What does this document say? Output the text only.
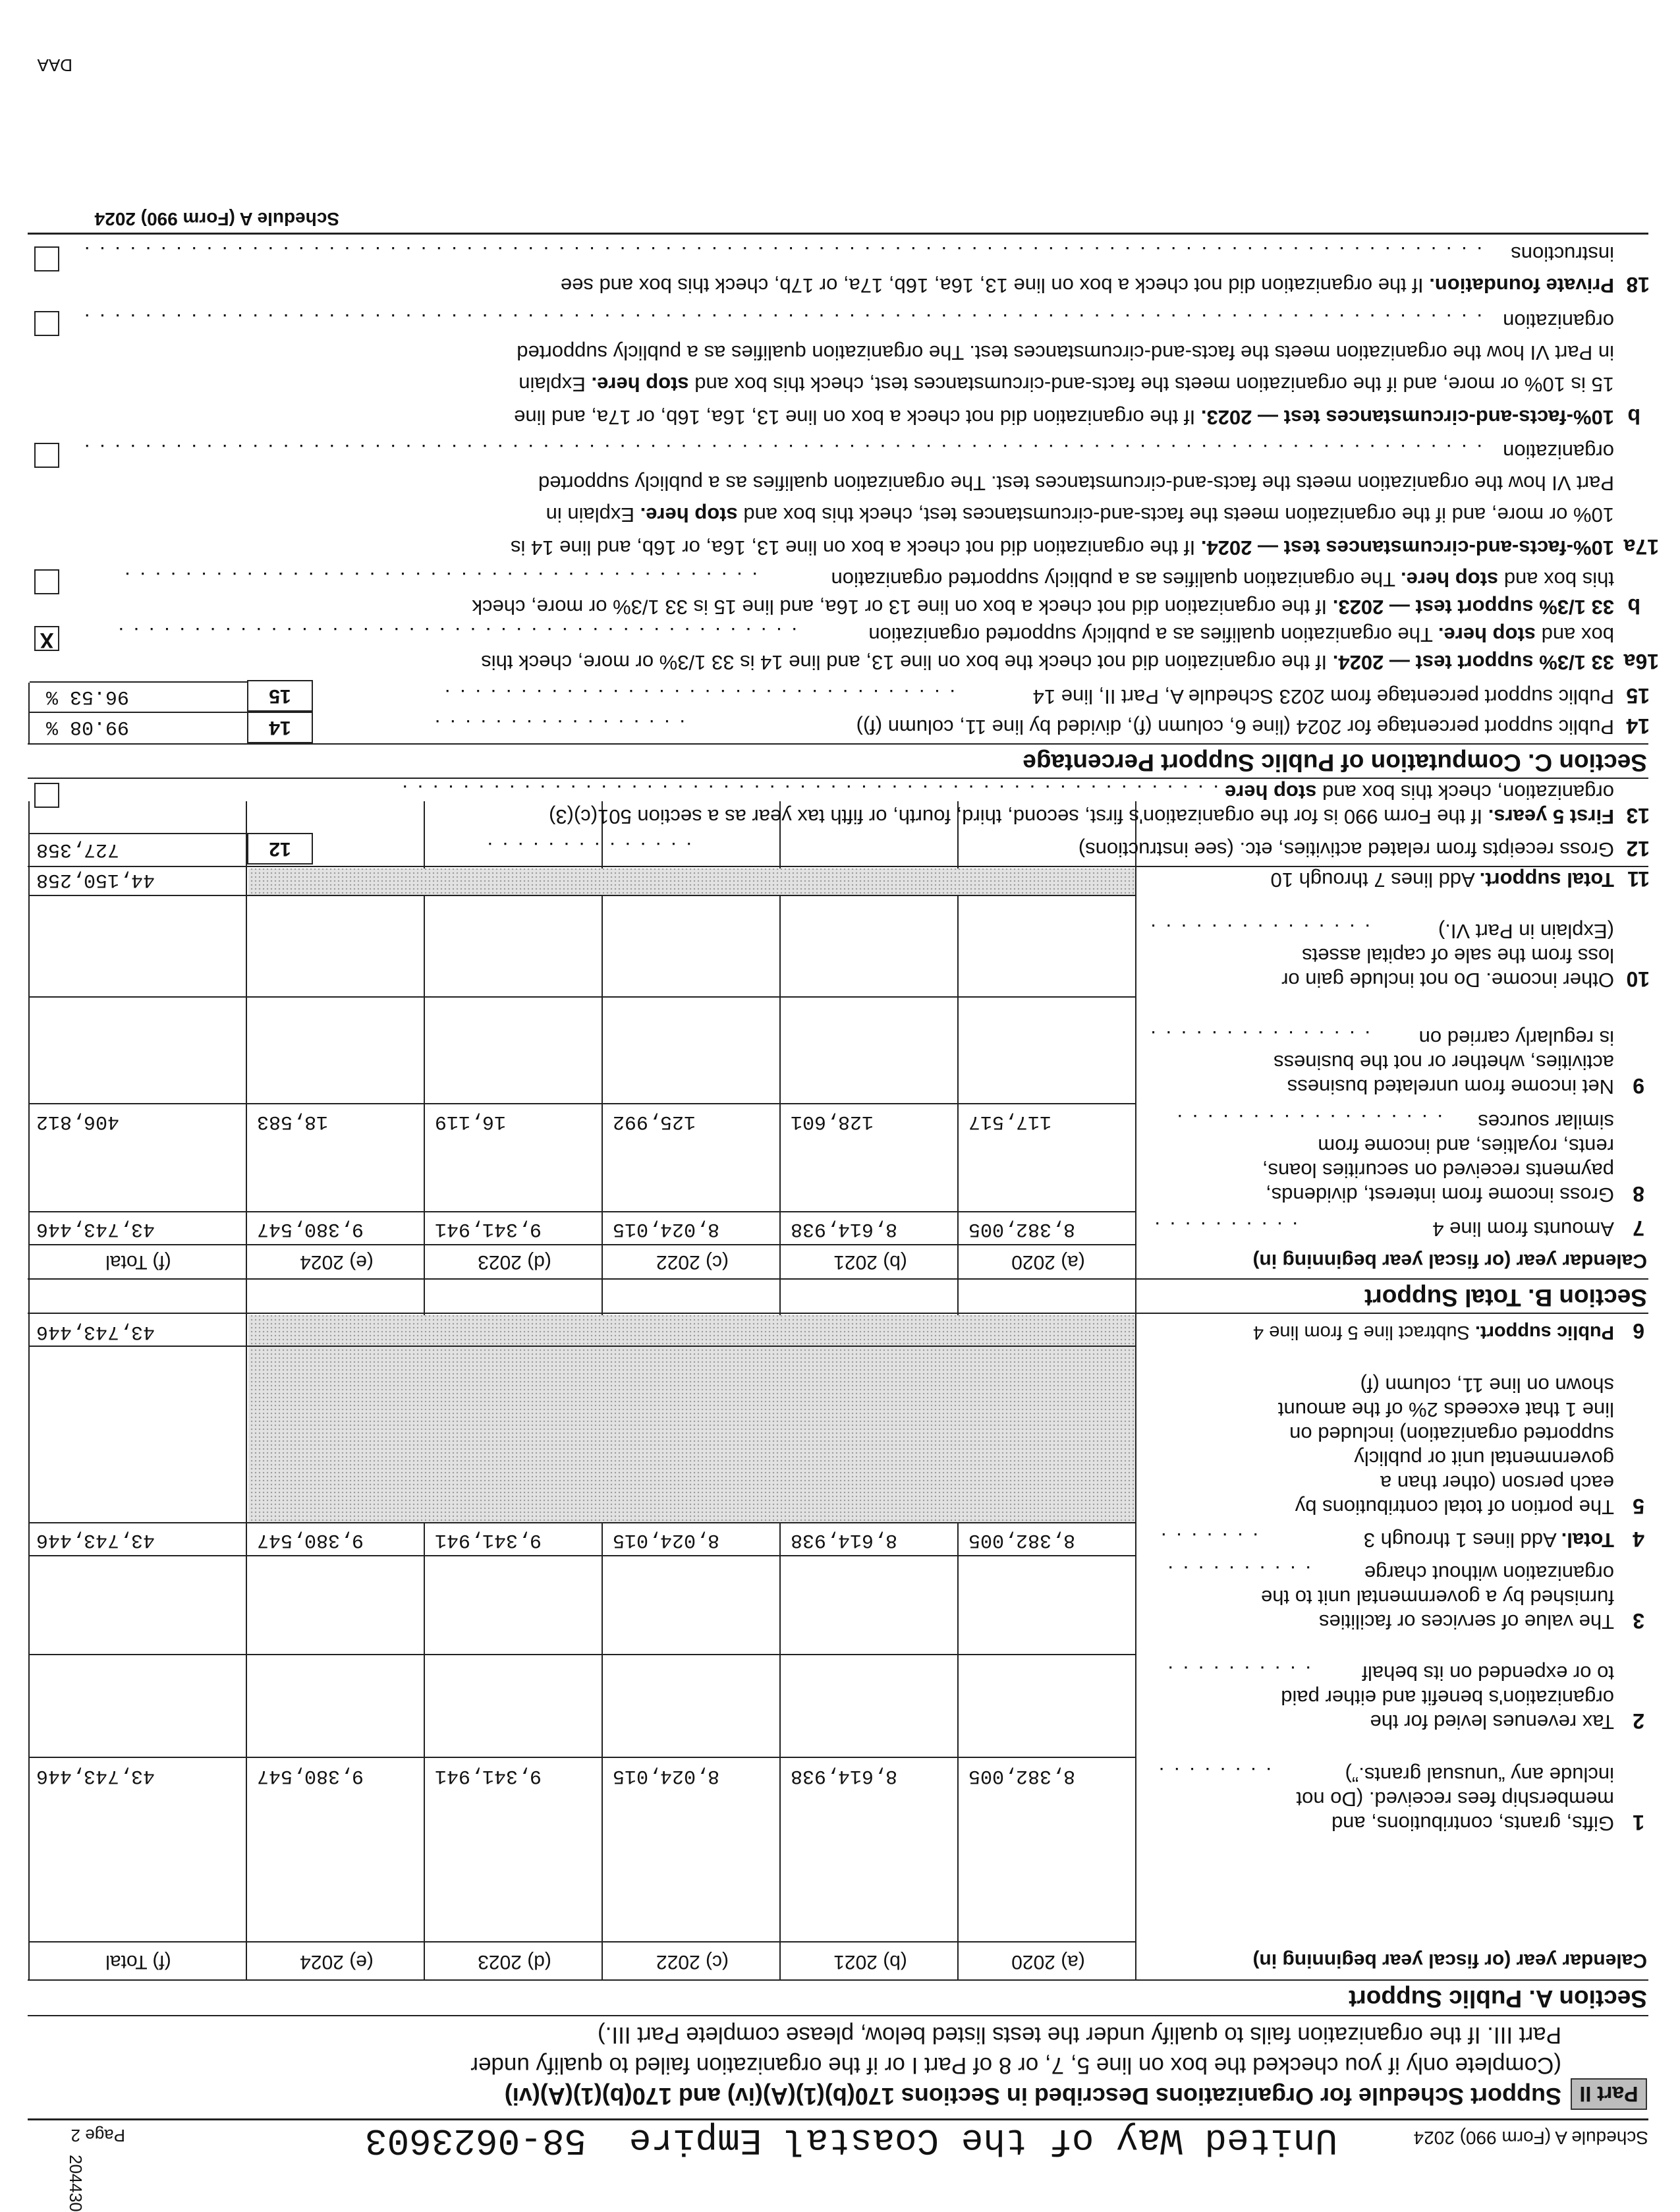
204430
Schedule A (Form 990) 2024
United Way of the Coastal Empire
58-0623603
Page 2
Part II
Support Schedule for Organizations Described in Sections 170(b)(1)(A)(iv) and 170(b)(1)(A)(vi)
(Complete only if you checked the box on line 5, 7, or 8 of Part I or if the organization failed to qualify under
Part III. If the organization fails to qualify under the tests listed below, please complete Part III.)
Section A. Public Support
Calendar year (or fiscal year beginning in)
(a) 2020
(b) 2021
(c) 2022
(d) 2023
(e) 2024
(f) Total
1
Gifts, grants, contributions, and
membership fees received. (Do not
include any “unusual grants.”)
. . . . . . . .
8,382,005
8,614,938
8,024,015
9,341,941
9,380,547
43,743,446
2
Tax revenues levied for the
organization's benefit and either paid
to or expended on its behalf
. . . . . . . . . .
3
The value of services or facilities
furnished by a governmental unit to the
organization without charge
. . . . . . . . . .
4
Total. Add lines 1 through 3
. . . . . . .
8,382,005
8,614,938
8,024,015
9,341,941
9,380,547
43,743,446
5
The portion of total contributions by
each person (other than a
governmental unit or publicly
supported organization) included on
line 1 that exceeds 2% of the amount
shown on line 11, column (f)
6
Public support. Subtract line 5 from line 4
43,743,446
Section B. Total Support
Calendar year (or fiscal year beginning in)
(a) 2020
(b) 2021
(c) 2022
(d) 2023
(e) 2024
(f) Total
7
Amounts from line 4
. . . . . . . . . .
8,382,005
8,614,938
8,024,015
9,341,941
9,380,547
43,743,446
8
Gross income from interest, dividends,
payments received on securities loans,
rents, royalties, and income from
similar sources
. . . . . . . . . . . . . . . . . .
117,517
128,601
125,992
16,119
18,583
406,812
9
Net income from unrelated business
activities, whether or not the business
is regularly carried on
. . . . . . . . . . . . . . .
10
Other income. Do not include gain or
loss from the sale of capital assets
(Explain in Part VI.)
. . . . . . . . . . . . . . .
11
Total support. Add lines 7 through 10
44,150,258
12
Gross receipts from related activities, etc. (see instructions)
. . . . . . . . . . . . . .
12
727,358
13
First 5 years. If the Form 990 is for the organization's first, second, third, fourth, or fifth tax year as a section 501(c)(3)
organization, check this box and stop here
. . . . . . . . . . . . . . . . . . . . . . . . . . . . . . . . . . . . . . . . . . . . . . . . . . . . . .
Section C. Computation of Public Support Percentage
14
Public support percentage for 2024 (line 6, column (f), divided by line 11, column (f))
. . . . . . . . . . . . . . . . .
14
99.08 %
15
Public support percentage from 2023 Schedule A, Part II, line 14
. . . . . . . . . . . . . . . . . . . . . . . . . . . . . . . . . .
15
96.53 %
16a
33 1/3% support test — 2024. If the organization did not check the box on line 13, and line 14 is 33 1/3% or more, check this
box and stop here. The organization qualifies as a publicly supported organization
. . . . . . . . . . . . . . . . . . . . . . . . . . . . . . . . . . . . . . . . . . . . .
X
b
33 1/3% support test — 2023. If the organization did not check a box on line 13 or 16a, and line 15 is 33 1/3% or more, check
this box and stop here. The organization qualifies as a publicly supported organization
. . . . . . . . . . . . . . . . . . . . . . . . . . . . . . . . . . . . . . . . . .
17a
10%-facts-and-circumstances test — 2024. If the organization did not check a box on line 13, 16a, or 16b, and line 14 is
10% or more, and if the organization meets the facts-and-circumstances test, check this box and stop here. Explain in
Part VI how the organization meets the facts-and-circumstances test. The organization qualifies as a publicly supported
organization
. . . . . . . . . . . . . . . . . . . . . . . . . . . . . . . . . . . . . . . . . . . . . . . . . . . . . . . . . . . . . . . . . . . . . . . . . . . . . . . . . . . . . . . . . . . .
b
10%-facts-and-circumstances test — 2023. If the organization did not check a box on line 13, 16a, 16b, or 17a, and line
15 is 10% or more, and if the organization meets the facts-and-circumstances test, check this box and stop here. Explain
in Part VI how the organization meets the facts-and-circumstances test. The organization qualifies as a publicly supported
organization
. . . . . . . . . . . . . . . . . . . . . . . . . . . . . . . . . . . . . . . . . . . . . . . . . . . . . . . . . . . . . . . . . . . . . . . . . . . . . . . . . . . . . . . . . . . .
18
Private foundation. If the organization did not check a box on line 13, 16a, 16b, 17a, or 17b, check this box and see
instructions
. . . . . . . . . . . . . . . . . . . . . . . . . . . . . . . . . . . . . . . . . . . . . . . . . . . . . . . . . . . . . . . . . . . . . . . . . . . . . . . . . . . . . . . . . . . .
Schedule A (Form 990) 2024
DAA
